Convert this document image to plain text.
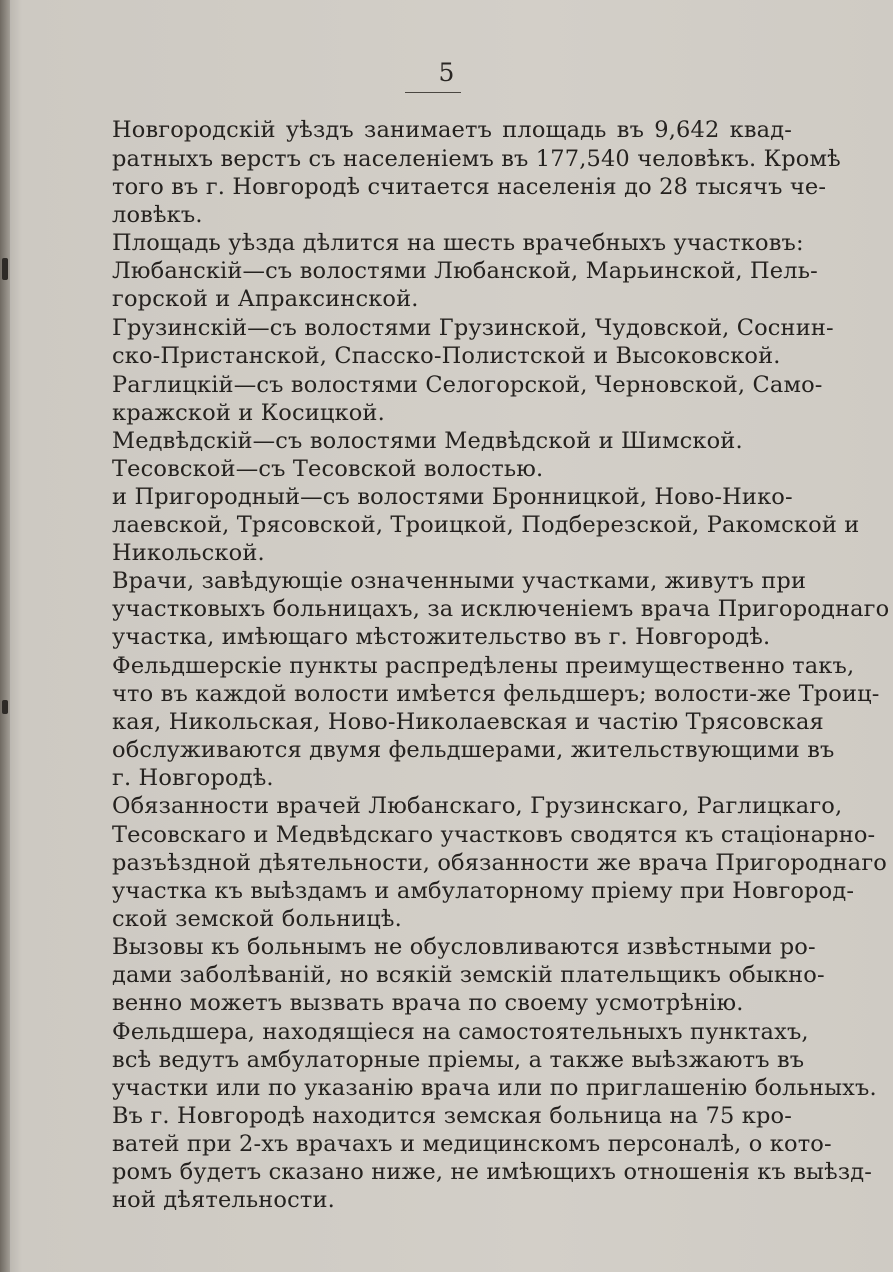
5
Новгородскій уѣздъ занимаетъ площадь въ 9,642 квад-
ратныхъ верстъ съ населеніемъ въ 177,540 человѣкъ. Кромѣ
того въ г. Новгородѣ считается населенія до 28 тысячъ че-
ловѣкъ.
Площадь уѣзда дѣлится на шесть врачебныхъ участковъ:
Любанскій—съ волостями Любанской, Марьинской, Пель-
горской и Апраксинской.
Грузинскій—съ волостями Грузинской, Чудовской, Соснин-
ско-Пристанской, Спасско-Полистской и Высоковской.
Раглицкій—съ волостями Селогорской, Черновской, Само-
кражской и Косицкой.
Медвѣдскій—съ волостями Медвѣдской и Шимской.
Тесовской—съ Тесовской волостью.
и Пригородный—съ волостями Бронницкой, Ново-Нико-
лаевской, Трясовской, Троицкой, Подберезской, Ракомской и
Никольской.
Врачи, завѣдующіе означенными участками, живутъ при
участковыхъ больницахъ, за исключеніемъ врача Пригороднаго
участка, имѣющаго мѣстожительство въ г. Новгородѣ.
Фельдшерскіе пункты распредѣлены преимущественно такъ,
что въ каждой волости имѣется фельдшеръ; волости-же Троиц-
кая, Никольская, Ново-Николаевская и частію Трясовская
обслуживаются двумя фельдшерами, жительствующими въ
г. Новгородѣ.
Обязанности врачей Любанскаго, Грузинскаго, Раглицкаго,
Тесовскаго и Медвѣдскаго участковъ сводятся къ стаціонарно-
разъѣздной дѣятельности, обязанности же врача Пригороднаго
участка къ выѣздамъ и амбулаторному пріему при Новгород-
ской земской больницѣ.
Вызовы къ больнымъ не обусловливаются извѣстными ро-
дами заболѣваній, но всякій земскій плательщикъ обыкно-
венно можетъ вызвать врача по своему усмотрѣнію.
Фельдшера, находящіеся на самостоятельныхъ пунктахъ,
всѣ ведутъ амбулаторные пріемы, а также выѣзжаютъ въ
участки или по указанію врача или по приглашенію больныхъ.
Въ г. Новгородѣ находится земская больница на 75 кро-
ватей при 2-хъ врачахъ и медицинскомъ персоналѣ, о кото-
ромъ будетъ сказано ниже, не имѣющихъ отношенія къ выѣзд-
ной дѣятельности.
